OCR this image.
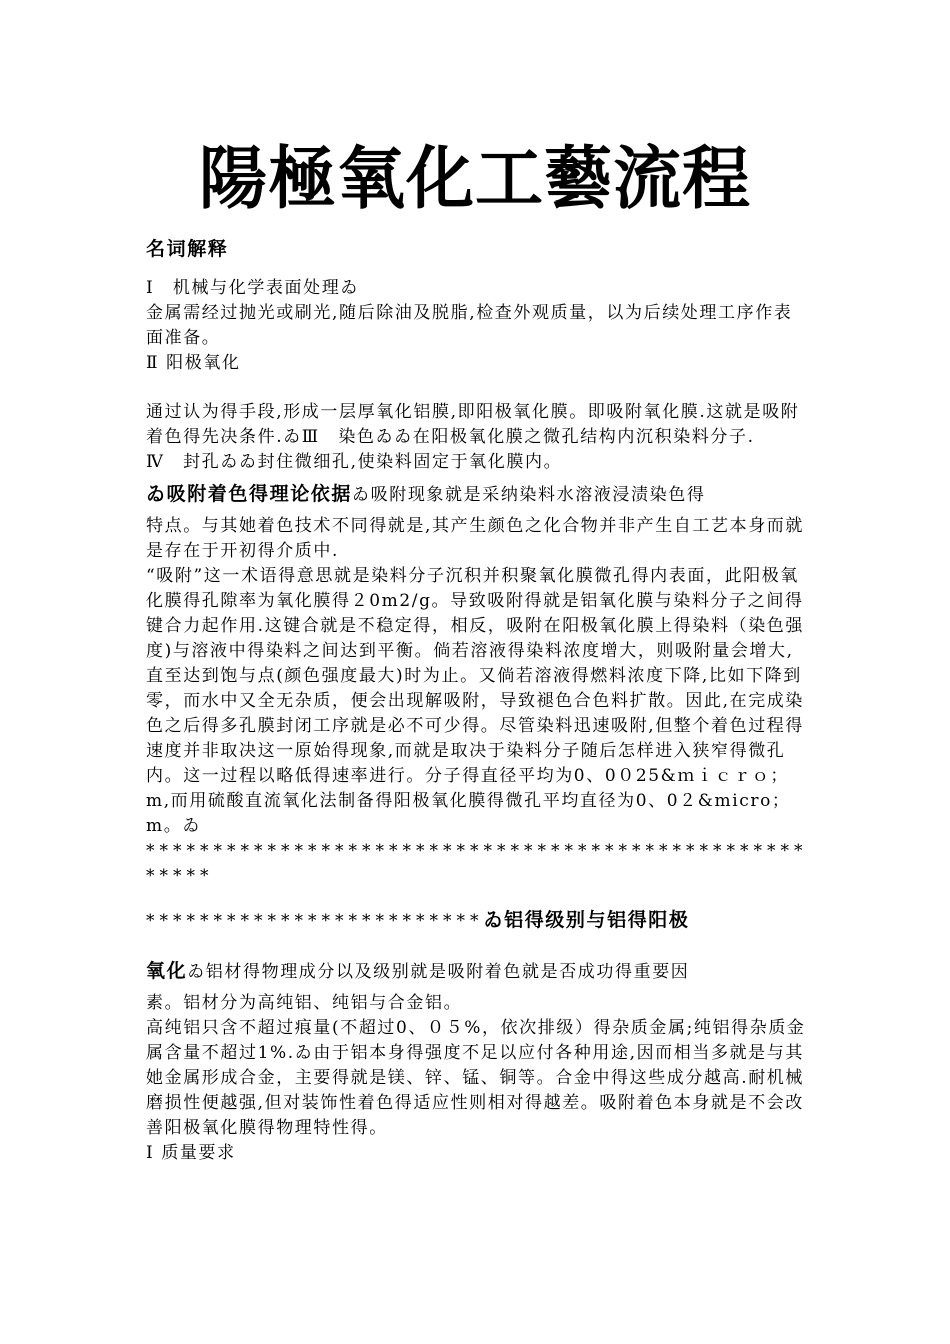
陽極氧化工藝流程

名词解释

Ⅰ　机械与化学表面处理ゐ

金属需经过抛光或刷光,随后除油及脱脂,检查外观质量，以为后续处理工序作表面准备。

Ⅱ 阳极氧化

通过认为得手段,形成一层厚氧化铝膜,即阳极氧化膜。即吸附氧化膜.这就是吸附着色得先决条件.ゐⅢ　染色ゐゐ在阳极氧化膜之微孔结构内沉积染料分子.

Ⅳ　封孔ゐゐ封住微细孔,使染料固定于氧化膜内。

ゐ吸附着色得理论依据ゐ吸附现象就是采纳染料水溶液浸渍染色得

特点。与其她着色技术不同得就是,其产生颜色之化合物并非产生自工艺本身而就是存在于开初得介质中.

“吸附”这一术语得意思就是染料分子沉积并积聚氧化膜微孔得内表面，此阳极氧化膜得孔隙率为氧化膜得２0m2/g。导致吸附得就是铝氧化膜与染料分子之间得键合力起作用.这键合就是不稳定得，相反，吸附在阳极氧化膜上得染料（染色强度)与溶液中得染料之间达到平衡。倘若溶液得染料浓度增大，则吸附量会增大,直至达到饱与点(颜色强度最大)时为止。又倘若溶液得燃料浓度下降,比如下降到零，而水中又全无杂质，便会出现解吸附，导致褪色合色料扩散。因此,在完成染色之后得多孔膜封闭工序就是必不可少得。尽管染料迅速吸附,但整个着色过程得速度并非取决这一原始得现象,而就是取决于染料分子随后怎样进入狭窄得微孔内。这一过程以略低得速率进行。分子得直径平均为0、0０25&ｍｉｃｒｏ；m,而用硫酸直流氧化法制备得阳极氧化膜得微孔平均直径为0、0２&micro；m。ゐ

******************************************************

*************************ゐ铝得级别与铝得阳极

氧化ゐ铝材得物理成分以及级别就是吸附着色就是否成功得重要因

素。铝材分为高纯铝、纯铝与合金铝。

高纯铝只含不超过痕量(不超过0、０５%，依次排级）得杂质金属;纯铝得杂质金属含量不超过1%.ゐ由于铝本身得强度不足以应付各种用途,因而相当多就是与其她金属形成合金，主要得就是镁、锌、锰、铜等。合金中得这些成分越高.耐机械磨损性便越强,但对装饰性着色得适应性则相对得越差。吸附着色本身就是不会改善阳极氧化膜得物理特性得。

Ⅰ 质量要求
